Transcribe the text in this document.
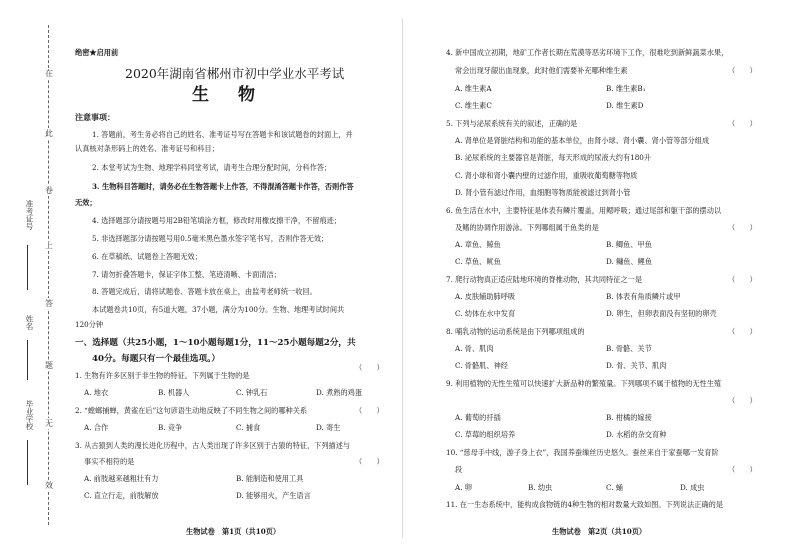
在
此
卷
上
答
题
无
效
准考证号
姓名
毕业学校
绝密★启用前
2020年湖南省郴州市初中学业水平考试
生　物
注意事项：
1. 答题前，考生务必将自己的姓名、准考证号写在答题卡和该试题卷的封面上，并
认真核对条形码上的姓名、准考证号和科目；
2. 本堂考试为生物、地理学科同堂考试，请考生合理分配时间，分科作答；
3. 生物科目答题时，请务必在生物答题卡上作答，不得混淆答题卡作答，否则作答
无效；
4. 选择题部分请按题号用2B铅笔填涂方框，修改时用橡皮擦干净，不留痕迹；
5. 非选择题部分请按题号用0.5毫米黑色墨水签字笔书写，否则作答无效；
6. 在草稿纸、试题卷上答题无效；
7. 请勿折叠答题卡，保证字体工整、笔迹清晰、卡面清洁；
8. 答题完成后，请将试题卷、答题卡放在桌上，由监考老师统一收回。
本试题卷共10页，有5道大题，37小题，满分为100分。生物、地理考试时间共
120分钟
一、选择题（共25小题，1～10小题每题1分，11～25小题每题2分，共
40分。每题只有一个最佳选项。）
1. 生物有许多区别于非生物的特征。下列属于生物的是
（　　）
A. 地衣	B. 机器人	C. 钟乳石	D. 煮熟的鸡蛋
2. “螳螂捕蝉，黄雀在后”这句谚语生动地反映了不同生物之间的哪种关系	（　　）
A. 合作	B. 竞争	C. 捕食	D. 寄生
3. 从古猿到人类的漫长进化历程中，古人类出现了许多区别于古猿的特征，下列描述与
事实不相符的是	（　　）
A. 前肢越来越粗壮有力	B. 能制造和使用工具
C. 直立行走，前肢解放	D. 能够用火，产生语言
生物试卷　第1页（共10页）
4. 新中国成立初期，地矿工作者长期在荒漠等恶劣环境下工作，很难吃到新鲜蔬菜水果，
常会出现牙龈出血现象，此时他们需要补充哪种维生素	（　　）
A. 维生素A	B. 维生素B₁
C. 维生素C	D. 维生素D
5. 下列与泌尿系统有关的叙述，正确的是	（　　）
A. 肾单位是肾脏结构和功能的基本单位，由肾小球、肾小囊、肾小管等部分组成
B. 泌尿系统的主要器官是肾脏，每天形成的尿液大约有180升
C. 肾小球和肾小囊内壁的过滤作用，重吸收葡萄糖等物质
D. 肾小管有滤过作用，血细胞等物质能被滤过到肾小管
6. 鱼生活在水中，主要特征是体表有鳞片覆盖，用鳃呼吸；通过尾部和躯干部的摆动以
及鳍的协调作用游泳。下列哪组属于鱼类的是	（　　）
A. 章鱼、鲸鱼	B. 鲫鱼、甲鱼
C. 草鱼、鱿鱼	D. 鳙鱼、鲤鱼
7. 爬行动物真正适应陆地环境的脊椎动物，其共同特征之一是	（　　）
A. 皮肤辅助肺呼吸	B. 体表有角质鳞片或甲
C. 幼体在水中发育	D. 卵生，但卵表面没有坚韧的卵壳
8. 哺乳动物的运动系统是由下列哪项组成的	（　　）
A. 骨、肌肉	B. 骨骼、关节
C. 骨骼肌、神经	D. 骨、关节、肌肉
9. 利用植物的无性生殖可以快速扩大新品种的繁殖量。下列哪项不属于植物的无性生殖
（　　）
A. 葡萄的扦插	B. 柑橘的嫁接
C. 草莓的组织培养	D. 水稻的杂交育种
10. “慈母手中线，游子身上衣”，我国养蚕缫丝历史悠久。蚕丝来自于家蚕哪一发育阶
段	（　　）
A. 卵	B. 幼虫	C. 蛹	D. 成虫
11. 在一生态系统中，能构成食物链的4种生物的相对数量大致如图。下列说法正确的是
生物试卷　第2页（共10页）
